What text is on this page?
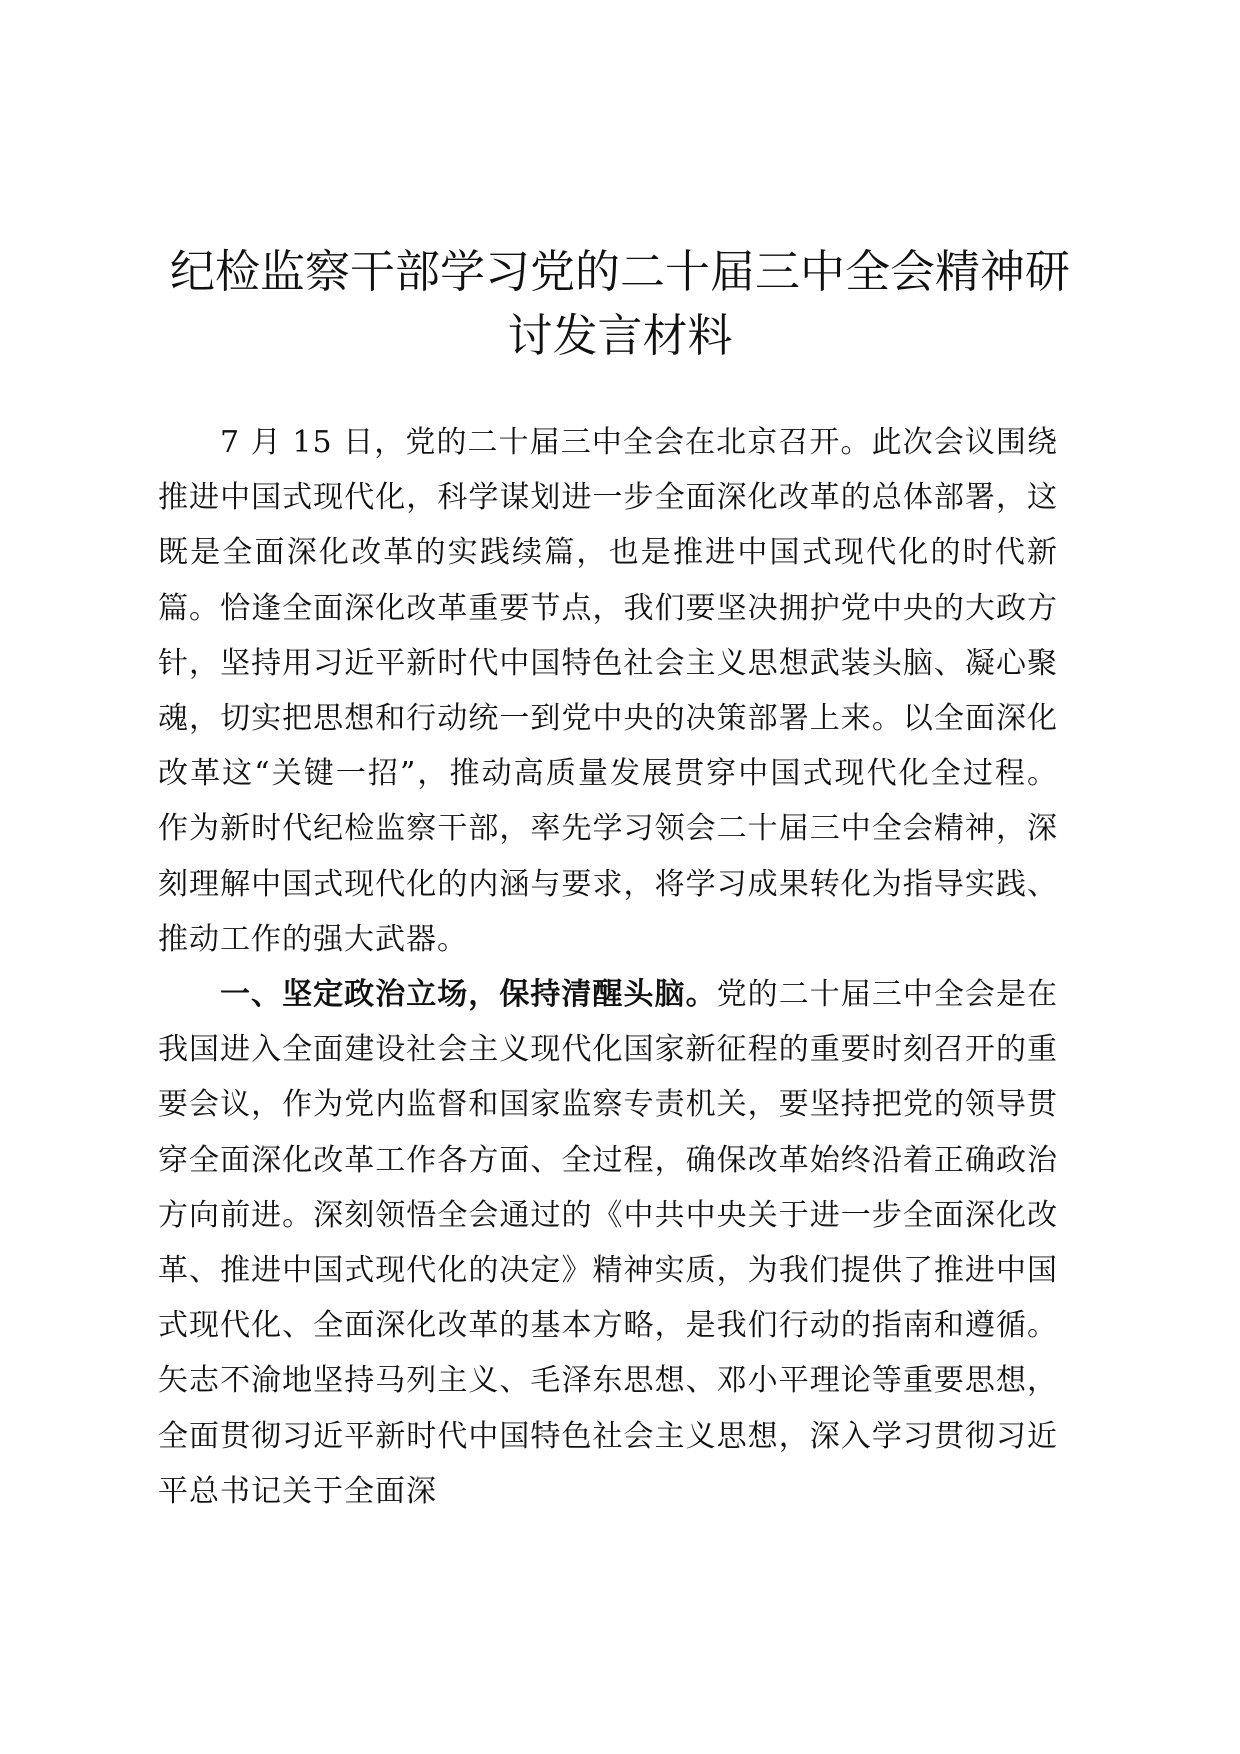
纪检监察干部学习党的二十届三中全会精神研
讨发言材料

7 月 15 日，党的二十届三中全会在北京召开。此次会议围绕推进中国式现代化，科学谋划进一步全面深化改革的总体部署，这既是全面深化改革的实践续篇，也是推进中国式现代化的时代新篇。恰逢全面深化改革重要节点，我们要坚决拥护党中央的大政方针，坚持用习近平新时代中国特色社会主义思想武装头脑、凝心聚魂，切实把思想和行动统一到党中央的决策部署上来。以全面深化改革这“关键一招”，推动高质量发展贯穿中国式现代化全过程。作为新时代纪检监察干部，率先学习领会二十届三中全会精神，深刻理解中国式现代化的内涵与要求，将学习成果转化为指导实践、推动工作的强大武器。

一、坚定政治立场，保持清醒头脑。党的二十届三中全会是在我国进入全面建设社会主义现代化国家新征程的重要时刻召开的重要会议，作为党内监督和国家监察专责机关，要坚持把党的领导贯穿全面深化改革工作各方面、全过程，确保改革始终沿着正确政治方向前进。深刻领悟全会通过的《中共中央关于进一步全面深化改革、推进中国式现代化的决定》精神实质，为我们提供了推进中国式现代化、全面深化改革的基本方略，是我们行动的指南和遵循。矢志不渝地坚持马列主义、毛泽东思想、邓小平理论等重要思想，全面贯彻习近平新时代中国特色社会主义思想，深入学习贯彻习近平总书记关于全面深
